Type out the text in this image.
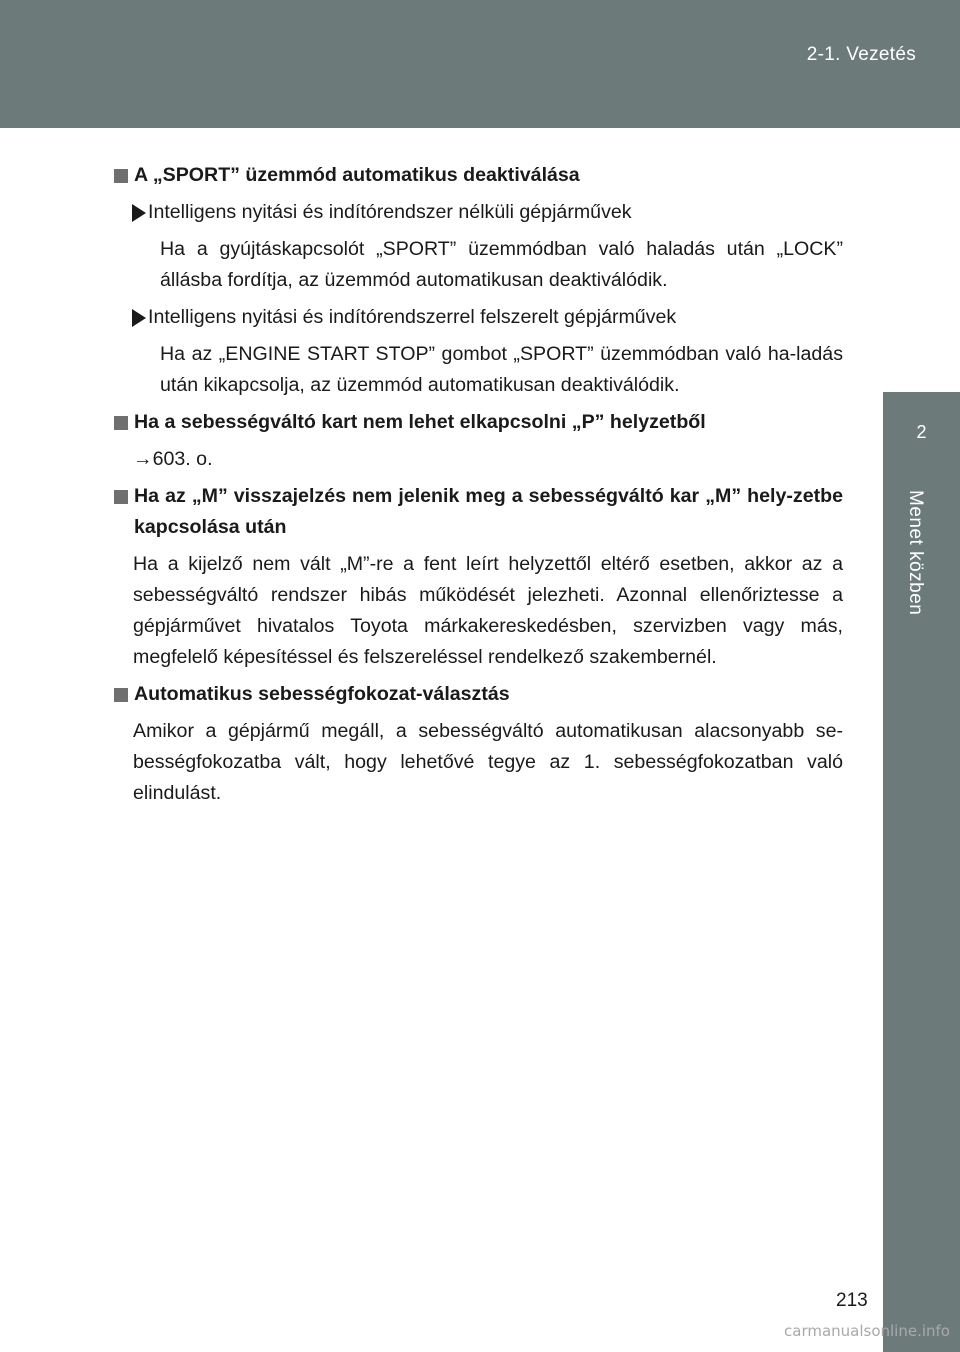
2-1. Vezetés
2
Menet közben
A „SPORT” üzemmód automatikus deaktiválása
Intelligens nyitási és indítórendszer nélküli gépjárművek

Ha a gyújtáskapcsolót „SPORT” üzemmódban való haladás után „LOCK” állásba fordítja, az üzemmód automatikusan deaktiválódik.

Intelligens nyitási és indítórendszerrel felszerelt gépjárművek

Ha az „ENGINE START STOP” gombot „SPORT” üzemmódban való ha-ladás után kikapcsolja, az üzemmód automatikusan deaktiválódik.

Ha a sebességváltó kart nem lehet elkapcsolni „P” helyzetből
→603. o.
Ha az „M” visszajelzés nem jelenik meg a sebességváltó kar „M” hely-zetbe kapcsolása után

Ha a kijelző nem vált „M”-re a fent leírt helyzettől eltérő esetben, akkor az a sebességváltó rendszer hibás működését jelezheti. Azonnal ellenőriztesse a gépjárművet hivatalos Toyota márkakereskedésben, szervizben vagy más, megfelelő képesítéssel és felszereléssel rendelkező szakembernél.

Automatikus sebességfokozat-választás

Amikor a gépjármű megáll, a sebességváltó automatikusan alacsonyabb se-bességfokozatba vált, hogy lehetővé tegye az 1. sebességfokozatban való elindulást.

213
carmanualsonline.info
